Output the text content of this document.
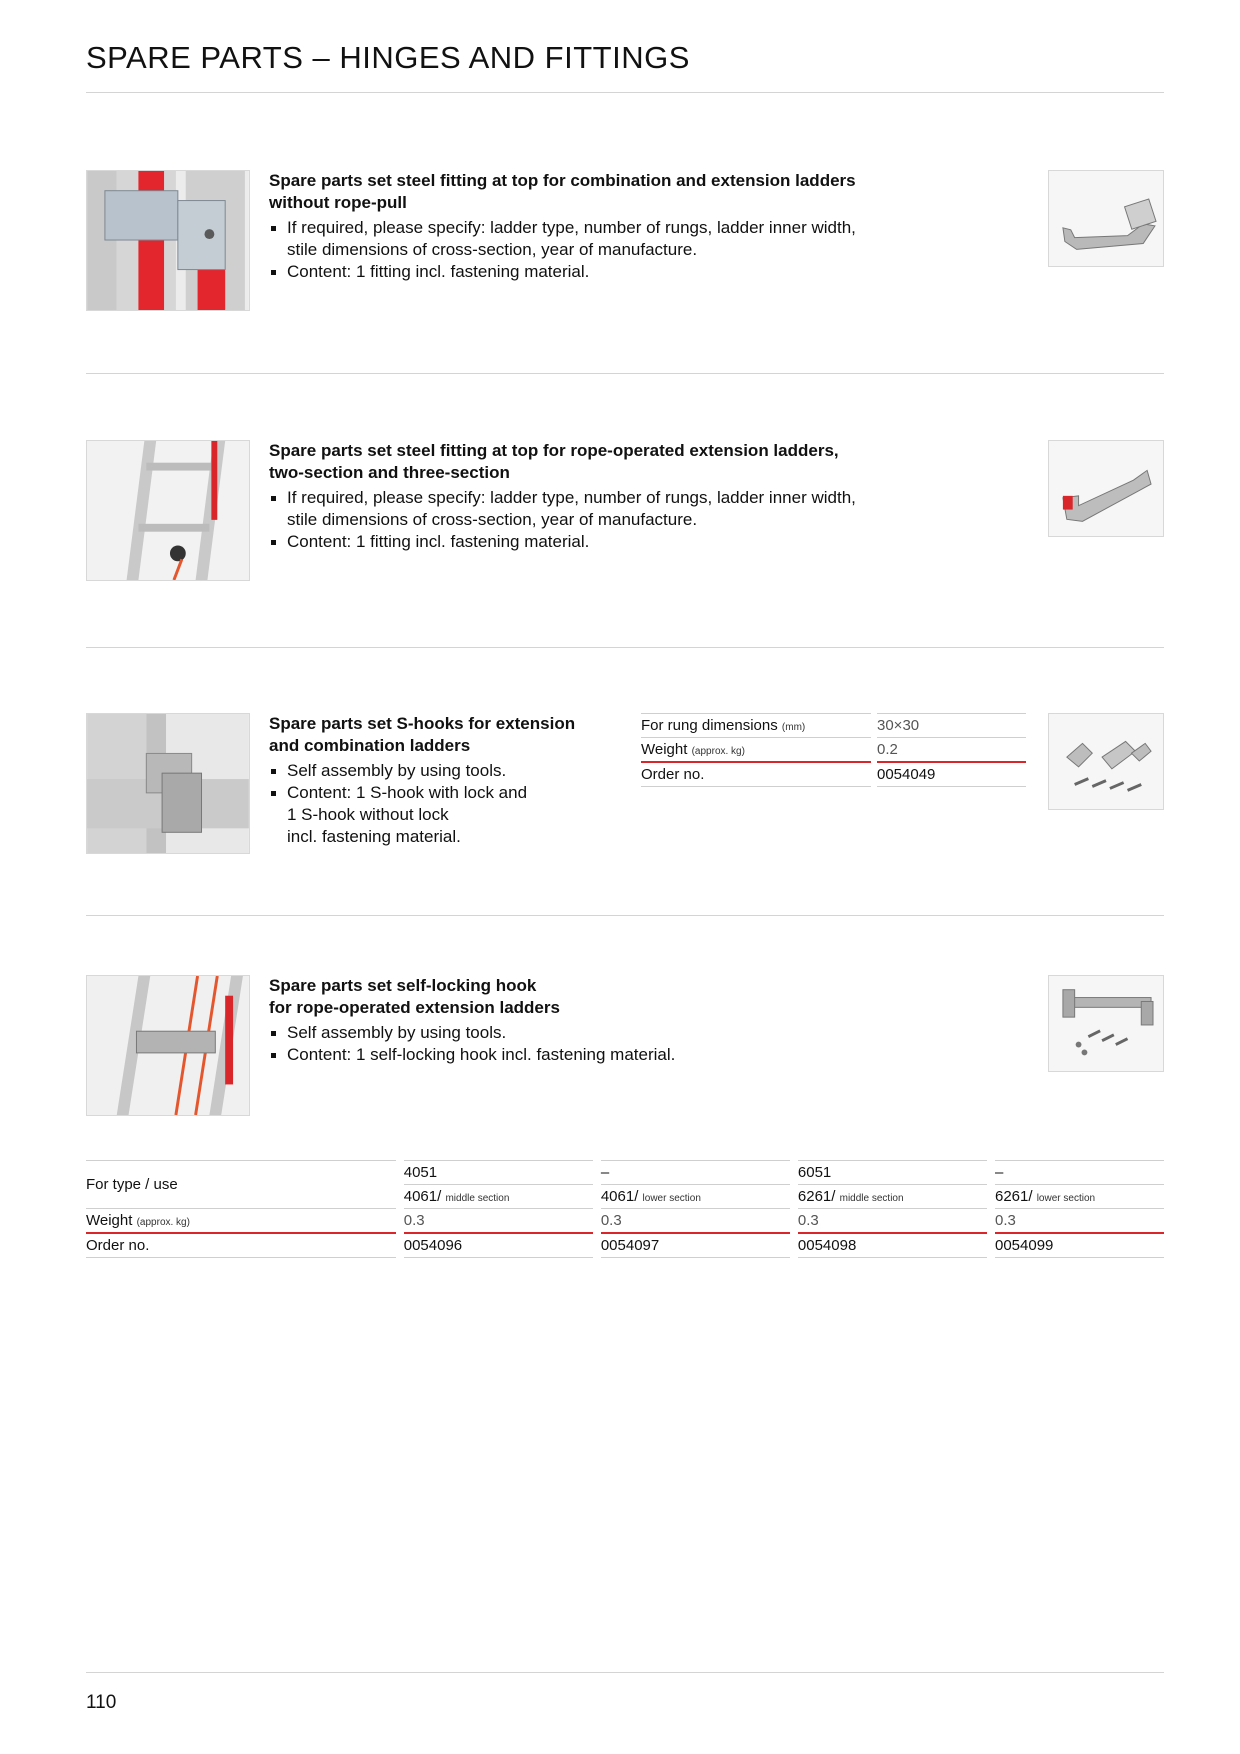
SPARE PARTS – HINGES AND FITTINGS
Spare parts set steel fitting at top for combination and extension ladders
without rope-pull
If required, please specify: ladder type, number of rungs, ladder inner width,
stile dimensions of cross-section, year of manufacture.
Content: 1 fitting incl. fastening material.
Spare parts set steel fitting at top for rope-operated extension ladders,
two-section and three-section
If required, please specify: ladder type, number of rungs, ladder inner width,
stile dimensions of cross-section, year of manufacture.
Content: 1 fitting incl. fastening material.
Spare parts set S-hooks for extension
and combination ladders
Self assembly by using tools.
Content: 1 S-hook with lock and
1 S-hook without lock
incl. fastening material.
For rung dimensions (mm)		30×30
Weight (approx. kg)		0.2
Order no.		0054049
Spare parts set self-locking hook
for rope-operated extension ladders
Self assembly by using tools.
Content: 1 self-locking hook incl. fastening material.
For type / use		4051		–		6051		–
		4061/ middle section		4061/ lower section		6261/ middle section		6261/ lower section
Weight (approx. kg)		0.3		0.3		0.3		0.3
Order no.		0054096		0054097		0054098		0054099
110
